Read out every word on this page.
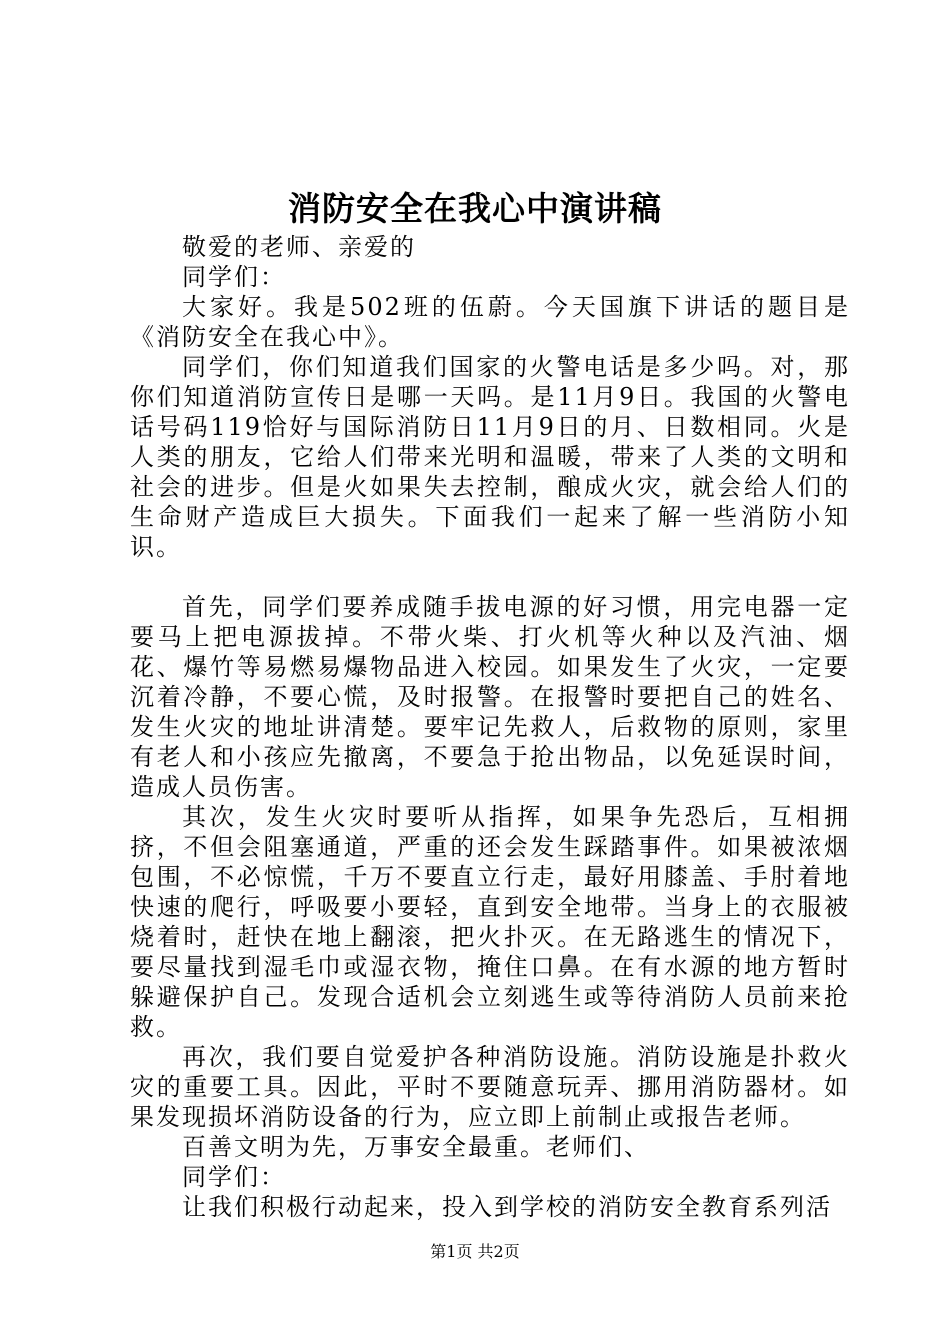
消防安全在我心中演讲稿

敬爱的老师、亲爱的

同学们：

大家好。我是502班的伍蔚。今天国旗下讲话的题目是《消防安全在我心中》。

同学们，你们知道我们国家的火警电话是多少吗。对，那你们知道消防宣传日是哪一天吗。是11月9日。我国的火警电话号码119恰好与国际消防日11月9日的月、日数相同。火是人类的朋友，它给人们带来光明和温暖，带来了人类的文明和社会的进步。但是火如果失去控制，酿成火灾，就会给人们的生命财产造成巨大损失。下面我们一起来了解一些消防小知识。

首先，同学们要养成随手拔电源的好习惯，用完电器一定要马上把电源拔掉。不带火柴、打火机等火种以及汽油、烟花、爆竹等易燃易爆物品进入校园。如果发生了火灾，一定要沉着冷静，不要心慌，及时报警。在报警时要把自己的姓名、发生火灾的地址讲清楚。要牢记先救人，后救物的原则，家里有老人和小孩应先撤离，不要急于抢出物品，以免延误时间，造成人员伤害。

其次，发生火灾时要听从指挥，如果争先恐后，互相拥挤，不但会阻塞通道，严重的还会发生踩踏事件。如果被浓烟包围，不必惊慌，千万不要直立行走，最好用膝盖、手肘着地快速的爬行，呼吸要小要轻，直到安全地带。当身上的衣服被烧着时，赶快在地上翻滚，把火扑灭。在无路逃生的情况下，要尽量找到湿毛巾或湿衣物，掩住口鼻。在有水源的地方暂时躲避保护自己。发现合适机会立刻逃生或等待消防人员前来抢救。

再次，我们要自觉爱护各种消防设施。消防设施是扑救火灾的重要工具。因此，平时不要随意玩弄、挪用消防器材。如果发现损坏消防设备的行为，应立即上前制止或报告老师。

百善文明为先，万事安全最重。老师们、

同学们：

让我们积极行动起来，投入到学校的消防安全教育系列活

第1页 共2页
